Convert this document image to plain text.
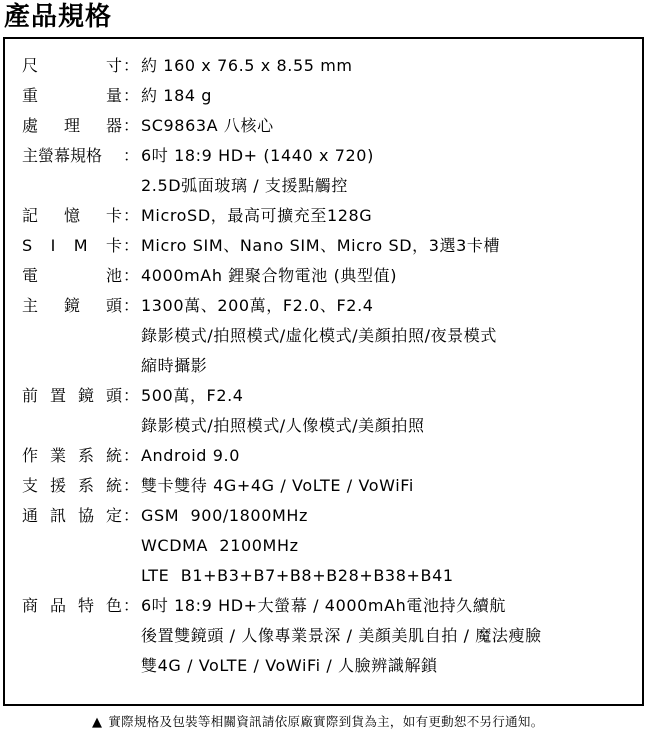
產品規格
尺	寸 ： 約 160 x 76.5 x 8.55 mm
重	量 ： 約 184 g
處 理 器 ： SC9863A 八核心
主螢幕規格 ： 6吋 18:9 HD+ (1440 x 720)
2.5D弧面玻璃 / 支援點觸控
記 憶 卡 ： MicroSD，最高可擴充至128G
S I M 卡 ： Micro SIM、Nano SIM、Micro SD，3選3卡槽
電	池 ： 4000mAh 鋰聚合物電池 (典型值)
主 鏡 頭 ： 1300萬、200萬，F2.0、F2.4
錄影模式/拍照模式/虛化模式/美顏拍照/夜景模式
縮時攝影
前 置 鏡 頭 ： 500萬，F2.4
錄影模式/拍照模式/人像模式/美顏拍照
作 業 系 統 ： Android 9.0
支 援 系 統 ： 雙卡雙待 4G+4G / VoLTE / VoWiFi
通 訊 協 定 ： GSM  900/1800MHz
WCDMA  2100MHz
LTE  B1+B3+B7+B8+B28+B38+B41
商 品 特 色 ： 6吋 18:9 HD+大螢幕 / 4000mAh電池持久續航
後置雙鏡頭 / 人像專業景深 / 美顏美肌自拍 / 魔法瘦臉
雙4G / VoLTE / VoWiFi / 人臉辨識解鎖
▲ 實際規格及包裝等相關資訊請依原廠實際到貨為主，如有更動恕不另行通知。
